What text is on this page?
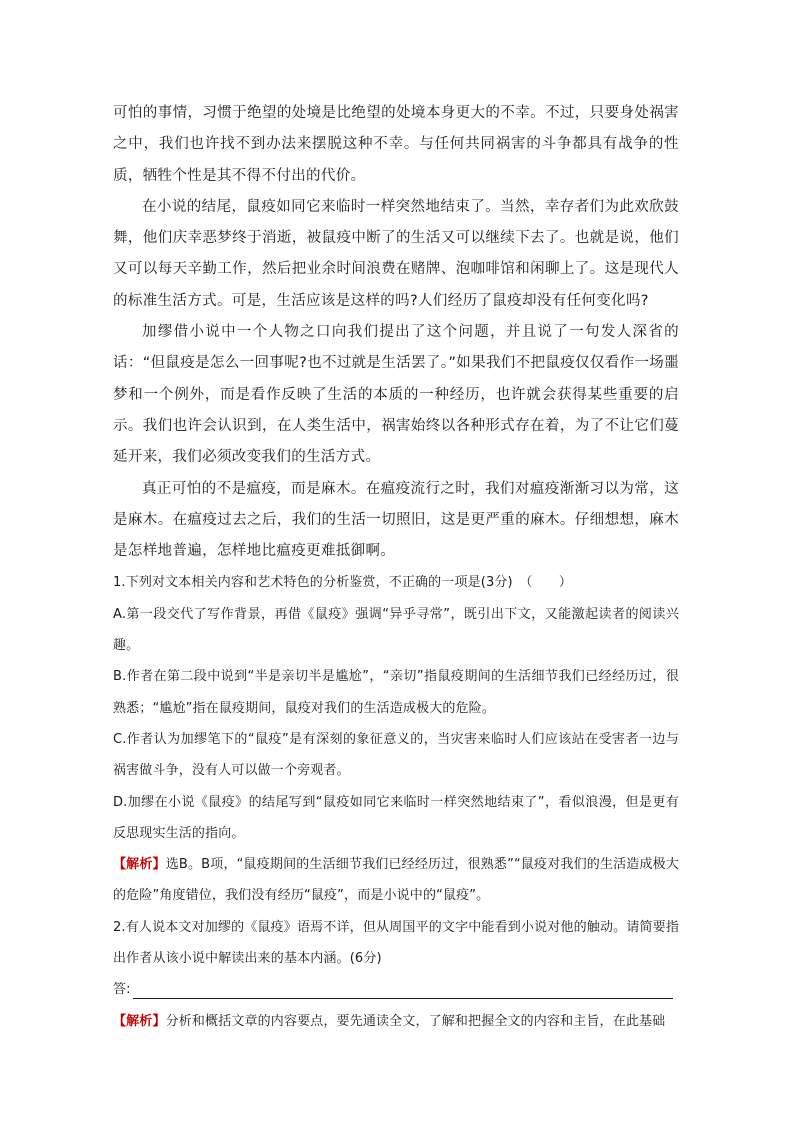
可怕的事情，习惯于绝望的处境是比绝望的处境本身更大的不幸。不过，只要身处祸害之中，我们也许找不到办法来摆脱这种不幸。与任何共同祸害的斗争都具有战争的性质，牺牲个性是其不得不付出的代价。

在小说的结尾，鼠疫如同它来临时一样突然地结束了。当然，幸存者们为此欢欣鼓舞，他们庆幸恶梦终于消逝，被鼠疫中断了的生活又可以继续下去了。也就是说，他们又可以每天辛勤工作，然后把业余时间浪费在赌牌、泡咖啡馆和闲聊上了。这是现代人的标准生活方式。可是，生活应该是这样的吗?人们经历了鼠疫却没有任何变化吗?

加缪借小说中一个人物之口向我们提出了这个问题，并且说了一句发人深省的话：“但鼠疫是怎么一回事呢?也不过就是生活罢了。”如果我们不把鼠疫仅仅看作一场噩梦和一个例外，而是看作反映了生活的本质的一种经历，也许就会获得某些重要的启示。我们也许会认识到，在人类生活中，祸害始终以各种形式存在着，为了不让它们蔓延开来，我们必须改变我们的生活方式。

真正可怕的不是瘟疫，而是麻木。在瘟疫流行之时，我们对瘟疫渐渐习以为常，这是麻木。在瘟疫过去之后，我们的生活一切照旧，这是更严重的麻木。仔细想想，麻木是怎样地普遍，怎样地比瘟疫更难抵御啊。

1.下列对文本相关内容和艺术特色的分析鉴赏，不正确的一项是(3分)　（　　）

A.第一段交代了写作背景，再借《鼠疫》强调“异乎寻常”，既引出下文，又能激起读者的阅读兴趣。

B.作者在第二段中说到“半是亲切半是尴尬”，“亲切”指鼠疫期间的生活细节我们已经经历过，很熟悉；“尴尬”指在鼠疫期间，鼠疫对我们的生活造成极大的危险。

C.作者认为加缪笔下的“鼠疫”是有深刻的象征意义的，当灾害来临时人们应该站在受害者一边与祸害做斗争，没有人可以做一个旁观者。

D.加缪在小说《鼠疫》的结尾写到“鼠疫如同它来临时一样突然地结束了”，看似浪漫，但是更有反思现实生活的指向。

【解析】选B。B项，“鼠疫期间的生活细节我们已经经历过，很熟悉”“鼠疫对我们的生活造成极大的危险”角度错位，我们没有经历“鼠疫”，而是小说中的“鼠疫”。

2.有人说本文对加缪的《鼠疫》语焉不详，但从周国平的文字中能看到小说对他的触动。请简要指出作者从该小说中解读出来的基本内涵。(6分)

答:

【解析】分析和概括文章的内容要点，要先通读全文，了解和把握全文的内容和主旨，在此基础
